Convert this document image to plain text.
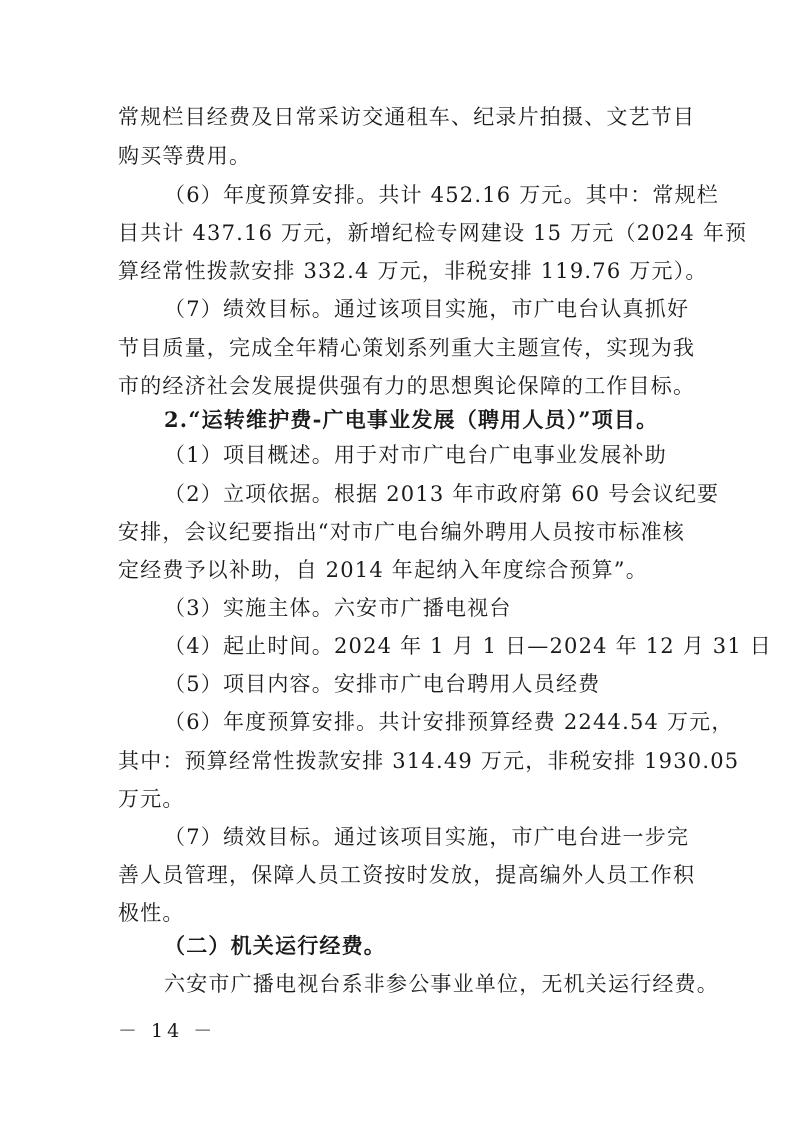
常规栏目经费及日常采访交通租车、纪录片拍摄、文艺节目
购买等费用。
（6）年度预算安排。共计 452.16 万元。其中：常规栏
目共计 437.16 万元，新增纪检专网建设 15 万元（2024 年预
算经常性拨款安排 332.4 万元，非税安排 119.76 万元）。
（7）绩效目标。通过该项目实施，市广电台认真抓好
节目质量，完成全年精心策划系列重大主题宣传，实现为我
市的经济社会发展提供强有力的思想舆论保障的工作目标。
2.“运转维护费-广电事业发展（聘用人员）”项目。
（1）项目概述。用于对市广电台广电事业发展补助
（2）立项依据。根据 2013 年市政府第 60 号会议纪要
安排，会议纪要指出“对市广电台编外聘用人员按市标准核
定经费予以补助，自 2014 年起纳入年度综合预算”。
（3）实施主体。六安市广播电视台
（4）起止时间。2024 年 1 月 1 日—2024 年 12 月 31 日
（5）项目内容。安排市广电台聘用人员经费
（6）年度预算安排。共计安排预算经费 2244.54 万元，
其中：预算经常性拨款安排 314.49 万元，非税安排 1930.05
万元。
（7）绩效目标。通过该项目实施，市广电台进一步完
善人员管理，保障人员工资按时发放，提高编外人员工作积
极性。
（二）机关运行经费。
六安市广播电视台系非参公事业单位，无机关运行经费。
－ 14 －
